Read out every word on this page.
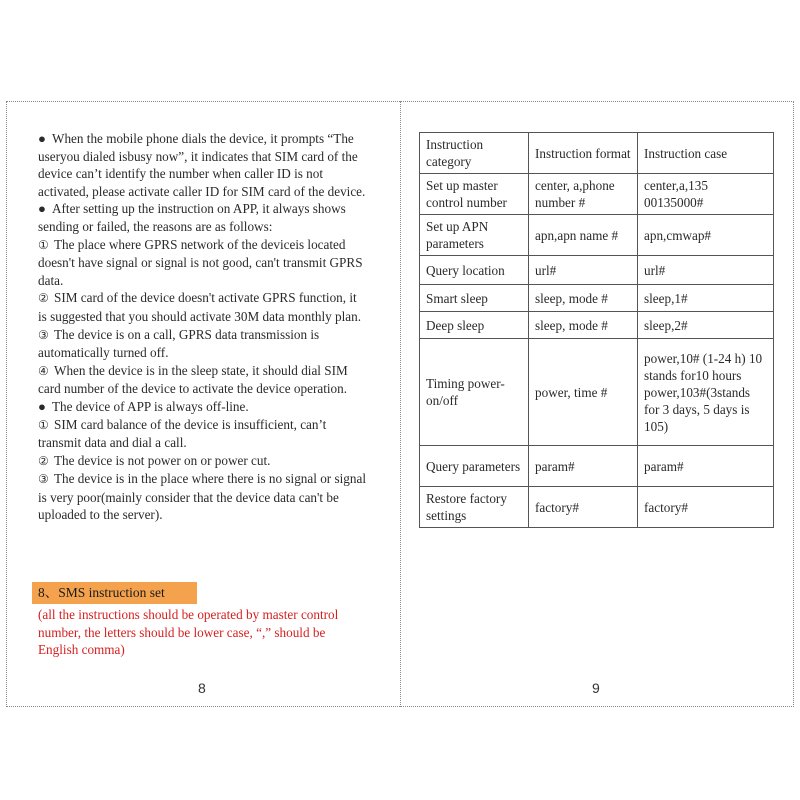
● When the mobile phone dials the device, it prompts “The useryou dialed isbusy now”, it indicates that SIM card of the device can’t identify the number when caller ID is not activated, please activate caller ID for SIM card of the device.

● After setting up the instruction on APP, it always shows sending or failed, the reasons are as follows:

① The place where GPRS network of the deviceis located doesn't have signal or signal is not good, can't transmit GPRS data.

② SIM card of the device doesn't activate GPRS function, it is suggested that you should activate 30M data monthly plan.

③ The device is on a call, GPRS data transmission is automatically turned off.

④ When the device is in the sleep state, it should dial SIM card number of the device to activate the device operation.

● The device of APP is always off-line.

① SIM card balance of the device is insufficient, can’t transmit data and dial a call.

② The device is not power on or power cut.

③ The device is in the place where there is no signal or signal is very poor(mainly consider that the device data can't be uploaded to the server).

8、SMS instruction set
(all the instructions should be operated by master control number, the letters should be lower case, “,” should be English comma)
8	9
Instruction category	Instruction format	Instruction case
Set up master control number	center, a,phone number #	center,a,135 00135000#
Set up APN parameters	apn,apn name #	apn,cmwap#
Query location	url#	url#
Smart sleep	sleep, mode #	sleep,1#
Deep sleep	sleep, mode #	sleep,2#
Timing power-on/off	power, time #	power,10# (1-24 h) 10 stands for10 hours power,103#(3stands for 3 days, 5 days is 105)
Query parameters	param#	param#
Restore factory settings	factory#	factory#
